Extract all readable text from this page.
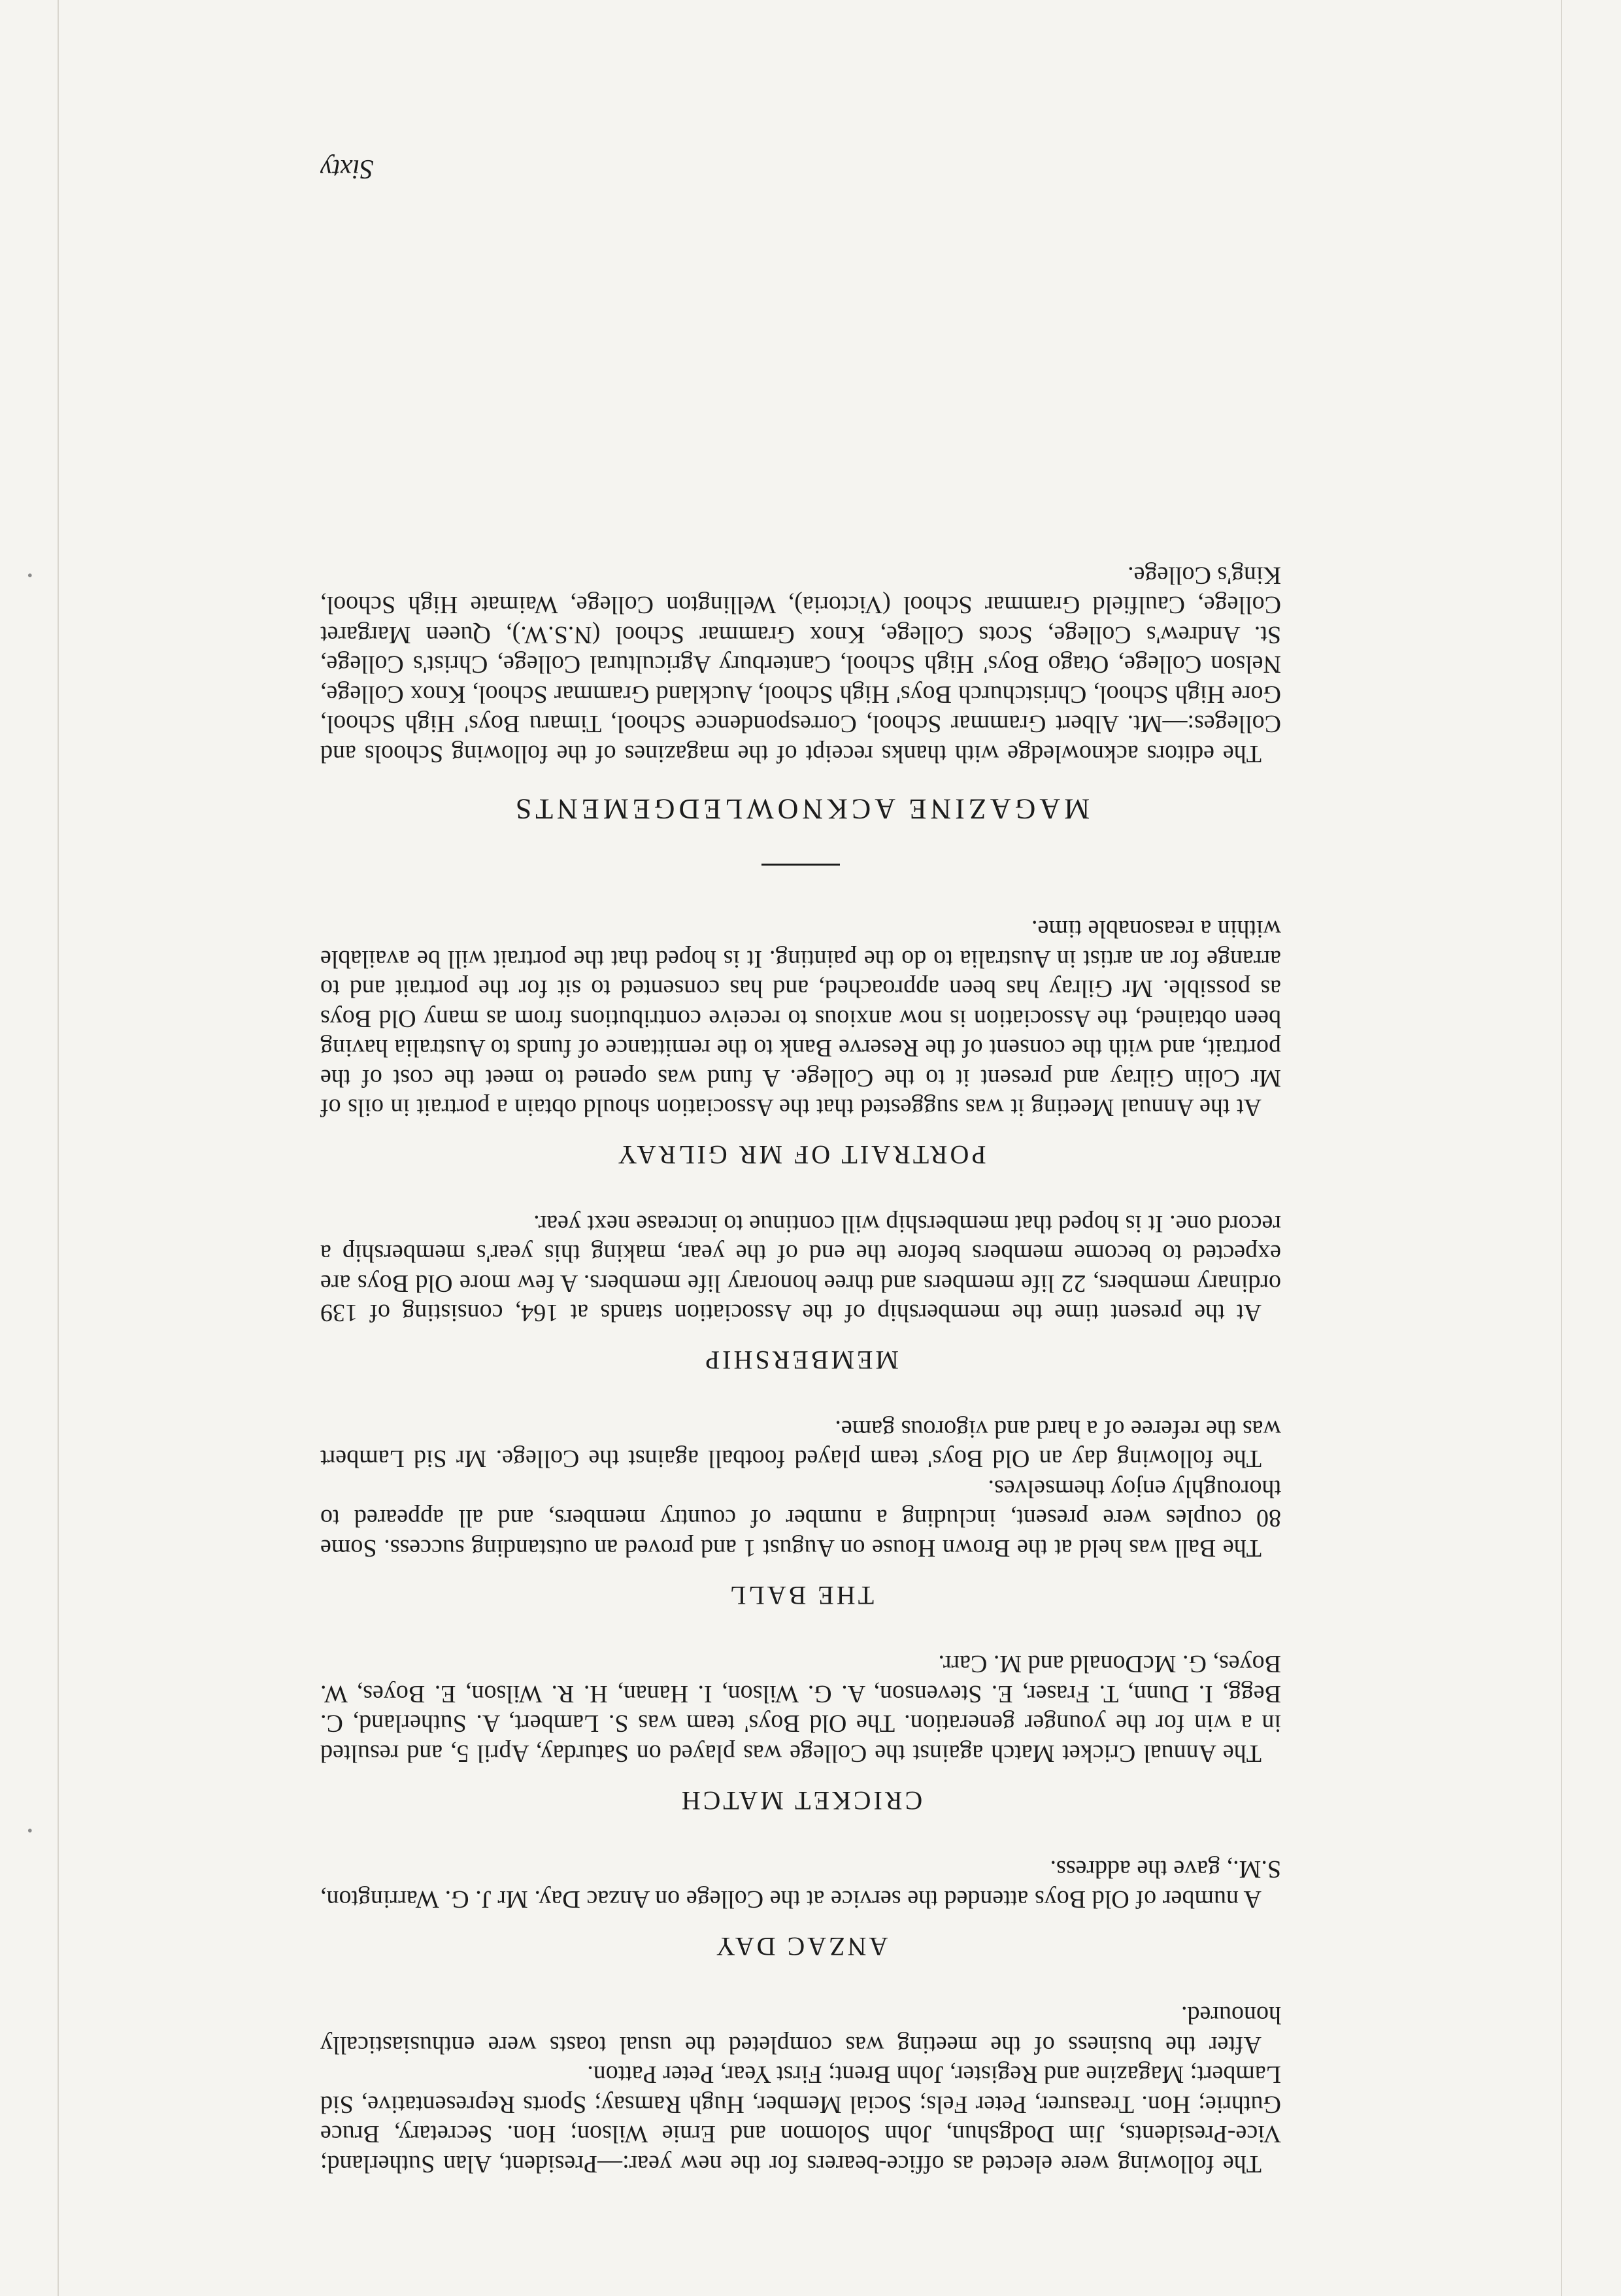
•
•

The following were elected as office-bearers for the new year:—President, Alan Sutherland; Vice-Presidents, Jim Dodgshun, John Solomon and Ernie Wilson; Hon. Secretary, Bruce Guthrie; Hon. Treasurer, Peter Fels; Social Member, Hugh Ramsay; Sports Representative, Sid Lambert; Magazine and Register, John Brent; First Year, Peter Patton.

After the business of the meeting was completed the usual toasts were enthusiastically honoured.

ANZAC DAY

A number of Old Boys attended the service at the College on Anzac Day. Mr J. G. Warrington, S.M., gave the address.

CRICKET MATCH

The Annual Cricket Match against the College was played on Saturday, April 5, and resulted in a win for the younger generation. The Old Boys' team was S. Lambert, A. Sutherland, C. Begg, I. Dunn, T. Fraser, E. Stevenson, A. G. Wilson, I. Hanan, H. R. Wilson, E. Boyes, W. Boyes, G. McDonald and M. Carr.

THE BALL

The Ball was held at the Brown House on August 1 and proved an outstanding success. Some 80 couples were present, including a number of country members, and all appeared to thoroughly enjoy themselves.

The following day an Old Boys' team played football against the College. Mr Sid Lambert was the referee of a hard and vigorous game.

MEMBERSHIP

At the present time the membership of the Association stands at 164, consisting of 139 ordinary members, 22 life members and three honorary life members. A few more Old Boys are expected to become members before the end of the year, making this year's membership a record one. It is hoped that membership will continue to increase next year.

PORTRAIT OF MR GILRAY

At the Annual Meeting it was suggested that the Association should obtain a portrait in oils of Mr Colin Gilray and present it to the College. A fund was opened to meet the cost of the portrait, and with the consent of the Reserve Bank to the remittance of funds to Australia having been obtained, the Association is now anxious to receive contributions from as many Old Boys as possible. Mr Gilray has been approached, and has consented to sit for the portrait and to arrange for an artist in Australia to do the painting. It is hoped that the portrait will be available within a reasonable time.

MAGAZINE ACKNOWLEDGEMENTS

The editors acknowledge with thanks receipt of the magazines of the following Schools and Colleges:—Mt. Albert Grammar School, Correspondence School, Timaru Boys' High School, Gore High School, Christchurch Boys' High School, Auckland Grammar School, Knox College, Nelson College, Otago Boys' High School, Canterbury Agricultural College, Christ's College, St. Andrew's College, Scots College, Knox Grammar School (N.S.W.), Queen Margaret College, Caulfield Grammar School (Victoria), Wellington College, Waimate High School, King's College.

Sixty
